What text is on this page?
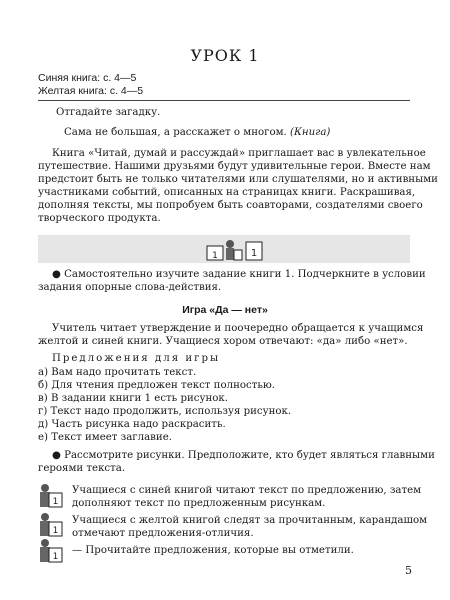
УРОК 1
Синяя книга: с. 4—5
Желтая книга: с. 4—5
Отгадайте загадку.
Сама не большая, а расскажет о многом. (Книга)
Книга «Читай, думай и рассуждай» приглашает вас в увлекательное
путешествие. Нашими друзьями будут удивительные герои. Вместе нам
предстоит быть не только читателями или слушателями, но и активными
участниками событий, описанных на страницах книги. Раскрашивая,
дополняя тексты, мы попробуем быть соавторами, создателями своего
творческого продукта.
1	1
● Самостоятельно изучите задание книги 1. Подчеркните в условии
задания опорные слова-действия.
Игра «Да — нет»
Учитель читает утверждение и поочередно обращается к учащимся
желтой и синей книги. Учащиеся хором отвечают: «да» либо «нет».
Предложения для игры
а) Вам надо прочитать текст.
б) Для чтения предложен текст полностью.
в) В задании книги 1 есть рисунок.
г) Текст надо продолжить, используя рисунок.
д) Часть рисунка надо раскрасить.
е) Текст имеет заглавие.
● Рассмотрите рисунки. Предположите, кто будет являться главными
героями текста.
1
Учащиеся с синей книгой читают текст по предложению, затем
дополняют текст по предложенным рисункам.
1
Учащиеся с желтой книгой следят за прочитанным, карандашом
отмечают предложения-отличия.
1
— Прочитайте предложения, которые вы отметили.
5
